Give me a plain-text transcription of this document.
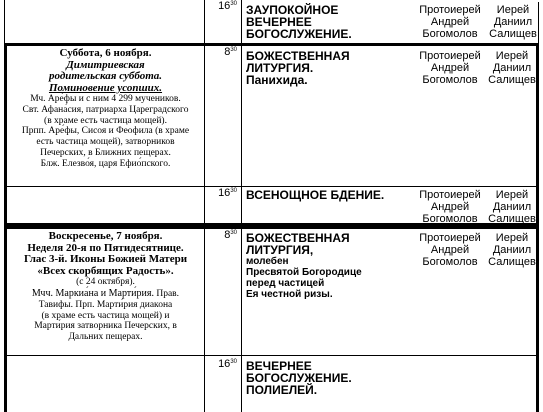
$16^{30}$ ЗАУПОКОЙНОЕ
ВЕЧЕРНЕЕ
БОГОСЛУЖЕНИЕ.
Протоиерей
Андрей
Богомолов
Иерей
Даниил
Салищев
Суббота, 6 ноября.
Димитриевская
родительская суббота.
Поминовение усопших.
Мч. Аре́фы и с ним 4 299 мучеников.
Свт. Афана́сия, патриарха Цареградского
(в храме есть частица мощей).
Прпп. Аре́фы, Сисоя и Феофила (в храме
есть частица мощей), затворников
Печерских, в Ближних пещерах.
Блж. Елезво́я, царя Ефио́пского.
$8^{30}$ БОЖЕСТВЕННАЯ
ЛИТУРГИЯ.
Панихида.
Протоиерей
Андрей
Богомолов
Иерей
Даниил
Салищев
$16^{30}$ ВСЕНОЩНОЕ БДЕНИЕ.	Протоиерей
Андрей
Богомолов
Иерей
Даниил
Салищев
Воскресенье, 7 ноября.
Неделя 20-я по Пятидесятнице.
Глас 3-й. Иконы Божией Матери
«Всех скорбящих Радость».
(с 24 октября).
Мчч. Маркиа́на и Марти́рия. Прав.
Тавифы. Прп. Марти́рия диакона
(в храме есть частица мощей) и
Марти́рия затворника Печерских, в
Дальних пещерах.
$8^{30}$ БОЖЕСТВЕННАЯ
ЛИТУРГИЯ,
молебен
Пресвятой Богородице
перед частицей
Ея честной ризы.
Протоиерей
Андрей
Богомолов
Иерей
Даниил
Салищев
$16^{30}$ ВЕЧЕРНЕЕ
БОГОСЛУЖЕНИЕ.
ПОЛИЕЛЕЙ.
